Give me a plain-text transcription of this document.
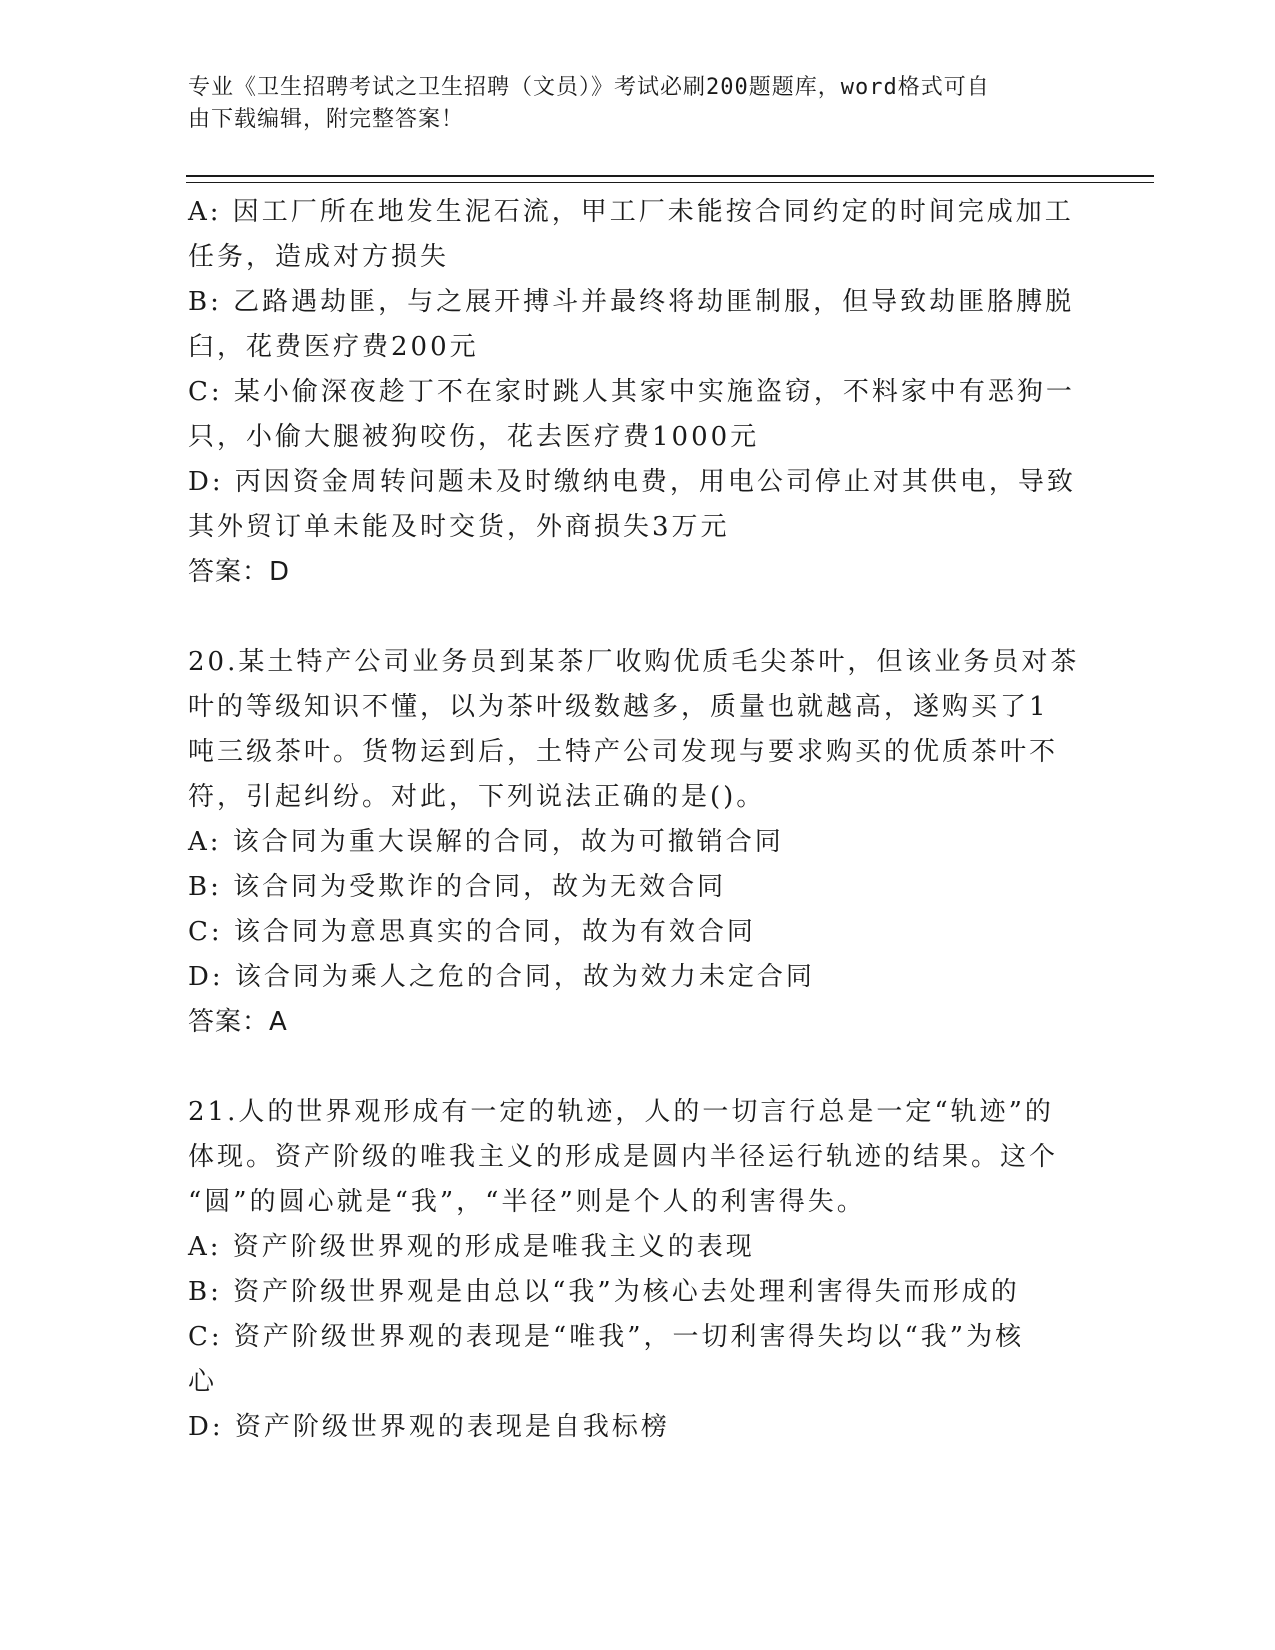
专业《卫生招聘考试之卫生招聘（文员）》考试必刷200题题库，word格式可自
由下载编辑，附完整答案！
A: 因工厂所在地发生泥石流，甲工厂未能按合同约定的时间完成加工
任务，造成对方损失
B: 乙路遇劫匪，与之展开搏斗并最终将劫匪制服，但导致劫匪胳膊脱
臼，花费医疗费200元
C: 某小偷深夜趁丁不在家时跳人其家中实施盗窃，不料家中有恶狗一
只，小偷大腿被狗咬伤，花去医疗费1000元
D: 丙因资金周转问题未及时缴纳电费，用电公司停止对其供电，导致
其外贸订单未能及时交货，外商损失3万元
答案：D
20.某土特产公司业务员到某茶厂收购优质毛尖茶叶，但该业务员对茶
叶的等级知识不懂，以为茶叶级数越多，质量也就越高，遂购买了1
吨三级茶叶。货物运到后，土特产公司发现与要求购买的优质茶叶不
符，引起纠纷。对此，下列说法正确的是()。
A: 该合同为重大误解的合同，故为可撤销合同
B: 该合同为受欺诈的合同，故为无效合同
C: 该合同为意思真实的合同，故为有效合同
D: 该合同为乘人之危的合同，故为效力未定合同
答案：A
21.人的世界观形成有一定的轨迹，人的一切言行总是一定“轨迹”的
体现。资产阶级的唯我主义的形成是圆内半径运行轨迹的结果。这个
“圆”的圆心就是“我”，“半径”则是个人的利害得失。
A: 资产阶级世界观的形成是唯我主义的表现
B: 资产阶级世界观是由总以“我”为核心去处理利害得失而形成的
C: 资产阶级世界观的表现是“唯我”，一切利害得失均以“我”为核
心
D: 资产阶级世界观的表现是自我标榜
